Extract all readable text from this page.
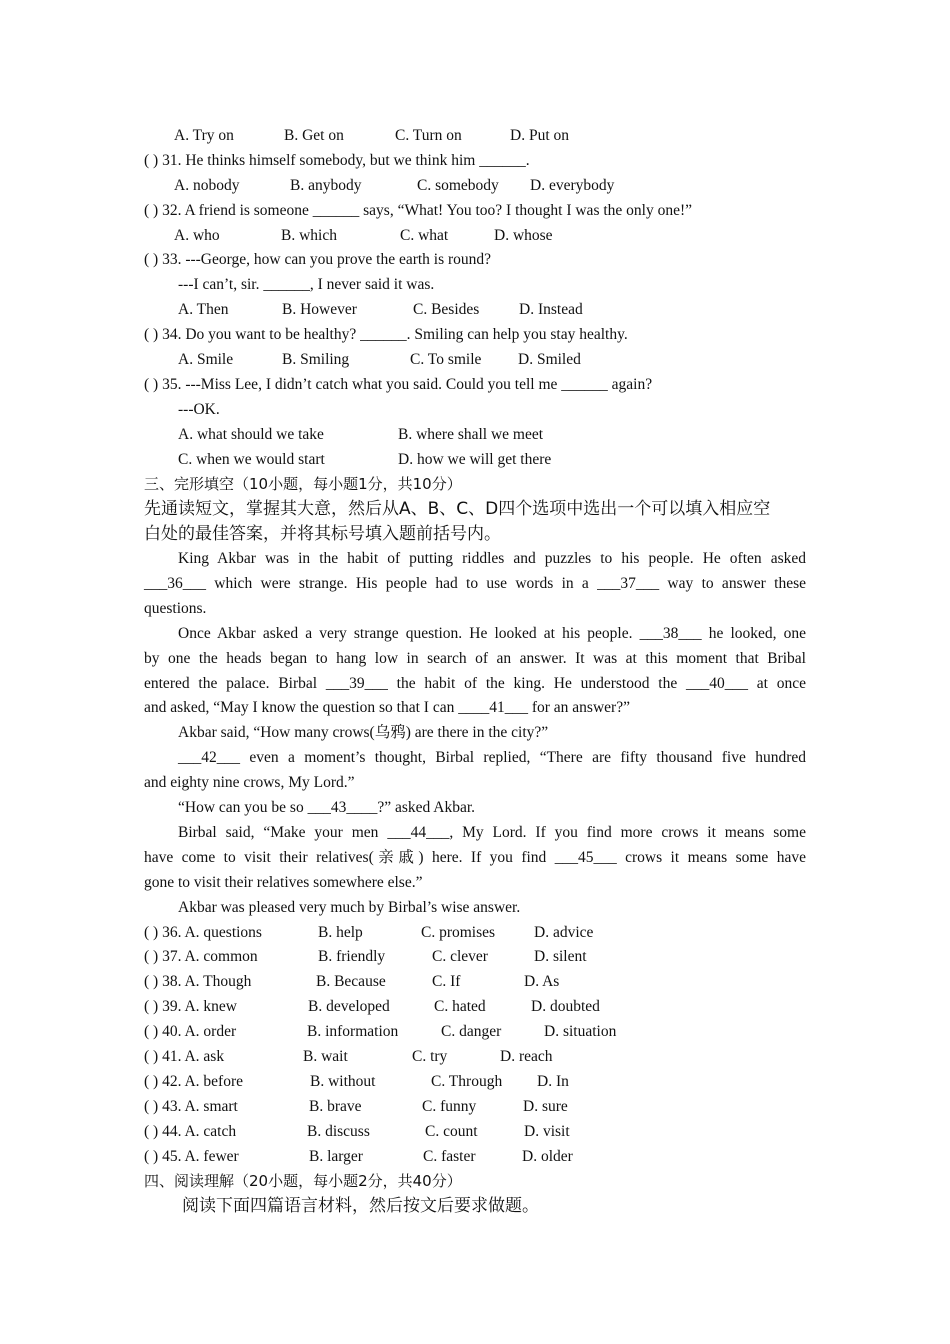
A. Try on	B. Get on	C. Turn on	D. Put on
( ) 31. He thinks himself somebody, but we think him ______.
A. nobody	B. anybody	C. somebody D. everybody
( ) 32. A friend is someone ______ says, “What! You too? I thought I was the only one!”
A. who	B. which	C. what	D. whose
( ) 33. ---George, how can you prove the earth is round?
---I can’t, sir. ______, I never said it was.
A. Then	B. However	C. Besides	D. Instead
( ) 34. Do you want to be healthy? ______. Smiling can help you stay healthy.
A. Smile	B. Smiling	C. To smile D. Smiled
( ) 35. ---Miss Lee, I didn’t catch what you said. Could you tell me ______ again?
---OK.
A. what should we take	B. where shall we meet
C. when we would start	D. how we will get there
三、完形填空（10小题，每小题1分，共10分）
先通读短文，掌握其大意，然后从A、B、C、D四个选项中选出一个可以填入相应空
白处的最佳答案，并将其标号填入题前括号内。
King Akbar was in the habit of putting riddles and puzzles to his people. He often asked
___36___ which were strange. His people had to use words in a ___37___ way to answer these
questions.
Once Akbar asked a very strange question. He looked at his people. ___38___ he looked, one
by one the heads began to hang low in search of an answer. It was at this moment that Bribal
entered the palace. Birbal ___39___ the habit of the king. He understood the ___40___ at once
and asked, “May I know the question so that I can ____41___ for an answer?”
Akbar said, “How many crows(乌鸦) are there in the city?”
___42___ even a moment’s thought, Birbal replied, “There are fifty thousand five hundred
and eighty nine crows, My Lord.”
“How can you be so ___43____?” asked Akbar.
Birbal said, “Make your men ___44___, My Lord. If you find more crows it means some
have come to visit their relatives(亲戚) here. If you find ___45___ crows it means some have
gone to visit their relatives somewhere else.”
Akbar was pleased very much by Birbal’s wise answer.
( ) 36. A. questions	B. help	C. promises	D. advice
( ) 37. A. common	B. friendly	C. clever	D. silent
( ) 38. A. Though	B. Because	C. If	D. As
( ) 39. A. knew	B. developed	C. hated	D. doubted
( ) 40. A. order	B. information	C. danger	D. situation
( ) 41. A. ask	B. wait	C. try	D. reach
( ) 42. A. before	B. without	C. Through D. In
( ) 43. A. smart	B. brave	C. funny	D. sure
( ) 44. A. catch	B. discuss	C. count	D. visit
( ) 45. A. fewer	B. larger	C. faster	D. older
四、阅读理解（20小题，每小题2分，共40分）
阅读下面四篇语言材料，然后按文后要求做题。
